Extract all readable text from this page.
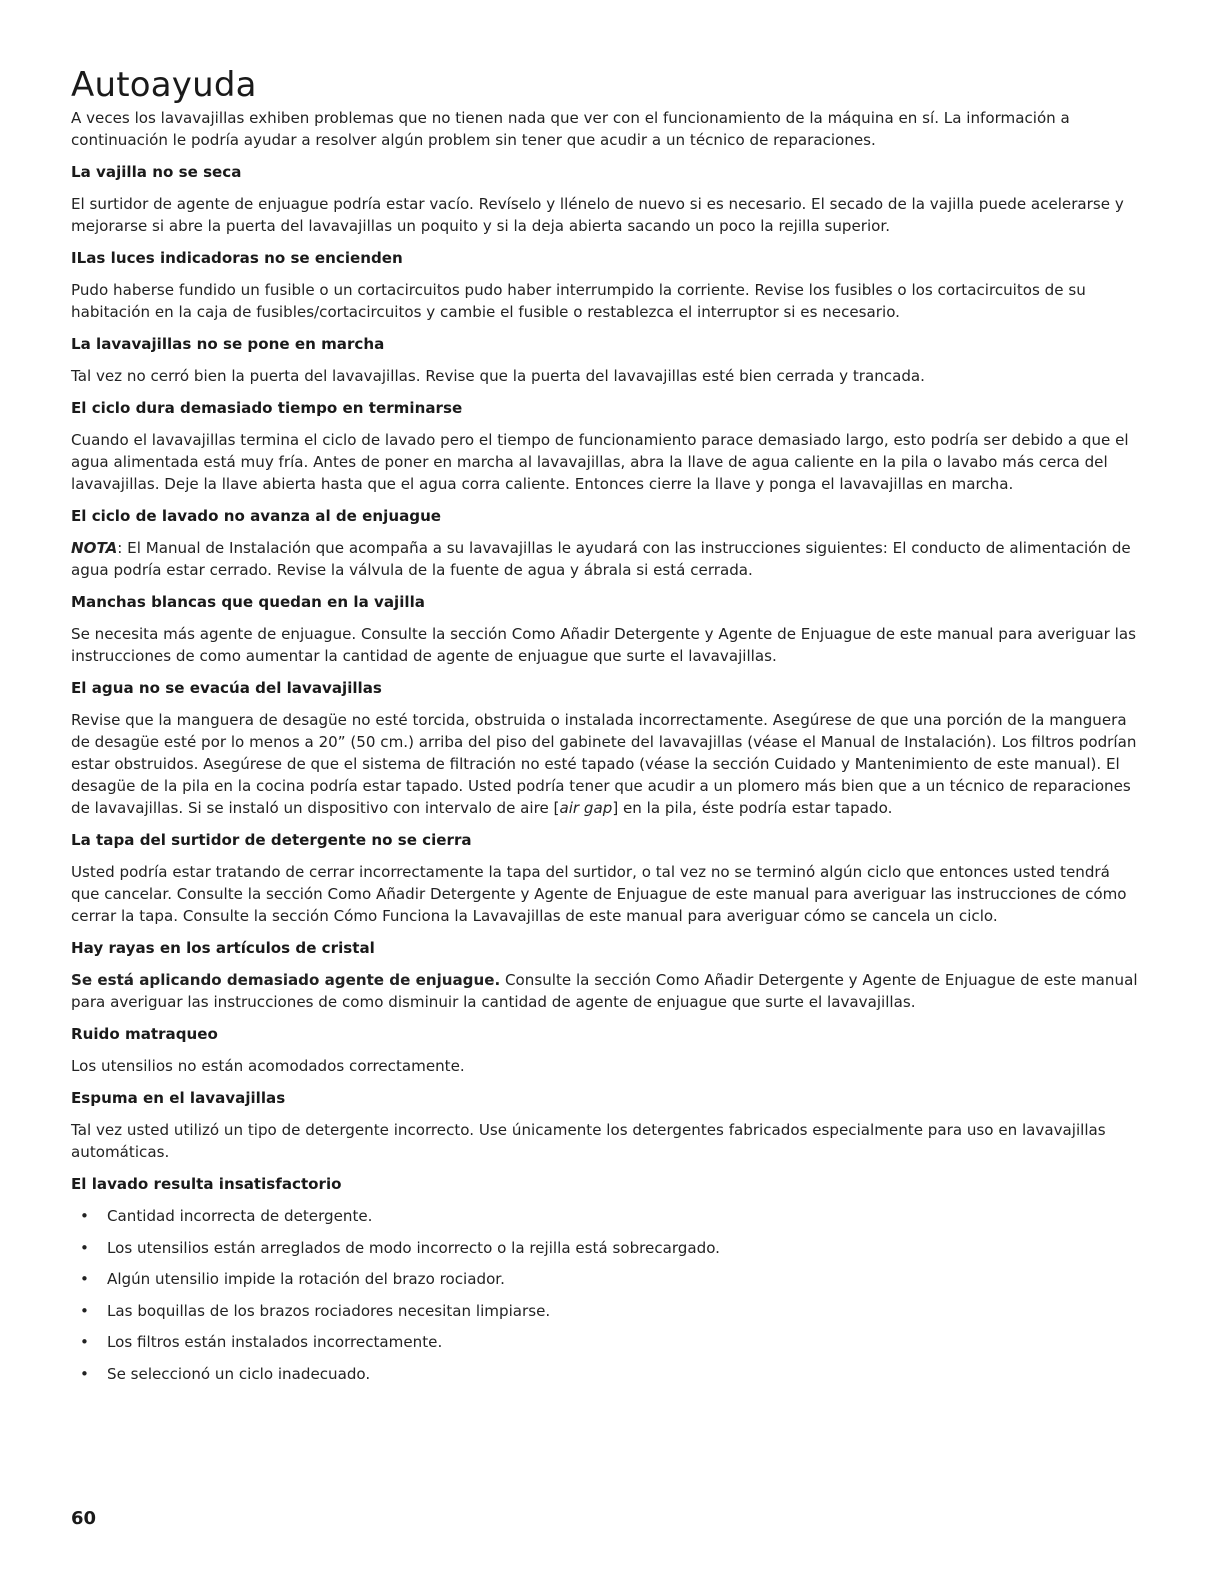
Autoayuda

A veces los lavavajillas exhiben problemas que no tienen nada que ver con el funcionamiento de la máquina en sí. La información a continuación le podría ayudar a resolver algún problem sin tener que acudir a un técnico de reparaciones.

La vajilla no se seca

El surtidor de agente de enjuague podría estar vacío. Revíselo y llénelo de nuevo si es necesario. El secado de la vajilla puede acelerarse y mejorarse si abre la puerta del lavavajillas un poquito y si la deja abierta sacando un poco la rejilla superior.

ILas luces indicadoras no se encienden

Pudo haberse fundido un fusible o un cortacircuitos pudo haber interrumpido la corriente. Revise los fusibles o los cortacircuitos de su habitación en la caja de fusibles/cortacircuitos y cambie el fusible o restablezca el interruptor si es necesario.

La lavavajillas no se pone en marcha

Tal vez no cerró bien la puerta del lavavajillas. Revise que la puerta del lavavajillas esté bien cerrada y trancada.

El ciclo dura demasiado tiempo en terminarse

Cuando el lavavajillas termina el ciclo de lavado pero el tiempo de funcionamiento parace demasiado largo, esto podría ser debido a que el agua alimentada está muy fría. Antes de poner en marcha al lavavajillas, abra la llave de agua caliente en la pila o lavabo más cerca del lavavajillas. Deje la llave abierta hasta que el agua corra caliente. Entonces cierre la llave y ponga el lavavajillas en marcha.

El ciclo de lavado no avanza al de enjuague

NOTA: El Manual de Instalación que acompaña a su lavavajillas le ayudará con las instrucciones siguientes: El conducto de alimentación de agua podría estar cerrado. Revise la válvula de la fuente de agua y ábrala si está cerrada.

Manchas blancas que quedan en la vajilla

Se necesita más agente de enjuague. Consulte la sección Como Añadir Detergente y Agente de Enjuague de este manual para averiguar las instrucciones de como aumentar la cantidad de agente de enjuague que surte el lavavajillas.

El agua no se evacúa del lavavajillas

Revise que la manguera de desagüe no esté torcida, obstruida o instalada incorrectamente. Asegúrese de que una porción de la manguera de desagüe esté por lo menos a 20” (50 cm.) arriba del piso del gabinete del lavavajillas (véase el Manual de Instalación). Los filtros podrían estar obstruidos. Asegúrese de que el sistema de filtración no esté tapado (véase la sección Cuidado y Mantenimiento de este manual). El desagüe de la pila en la cocina podría estar tapado. Usted podría tener que acudir a un plomero más bien que a un técnico de reparaciones de lavavajillas. Si se instaló un dispositivo con intervalo de aire [air gap] en la pila, éste podría estar tapado.

La tapa del surtidor de detergente no se cierra

Usted podría estar tratando de cerrar incorrectamente la tapa del surtidor, o tal vez no se terminó algún ciclo que entonces usted tendrá que cancelar. Consulte la sección Como Añadir Detergente y Agente de Enjuague de este manual para averiguar las instrucciones de cómo cerrar la tapa. Consulte la sección Cómo Funciona la Lavavajillas de este manual para averiguar cómo se cancela un ciclo.

Hay rayas en los artículos de cristal

Se está aplicando demasiado agente de enjuague. Consulte la sección Como Añadir Detergente y Agente de Enjuague de este manual para averiguar las instrucciones de como disminuir la cantidad de agente de enjuague que surte el lavavajillas.

Ruido matraqueo

Los utensilios no están acomodados correctamente.

Espuma en el lavavajillas

Tal vez usted utilizó un tipo de detergente incorrecto. Use únicamente los detergentes fabricados especialmente para uso en lavavajillas automáticas.

El lavado resulta insatisfactorio

• Cantidad incorrecta de detergente.
• Los utensilios están arreglados de modo incorrecto o la rejilla está sobrecargado.
• Algún utensilio impide la rotación del brazo rociador.
• Las boquillas de los brazos rociadores necesitan limpiarse.
• Los filtros están instalados incorrectamente.
• Se seleccionó un ciclo inadecuado.
60
